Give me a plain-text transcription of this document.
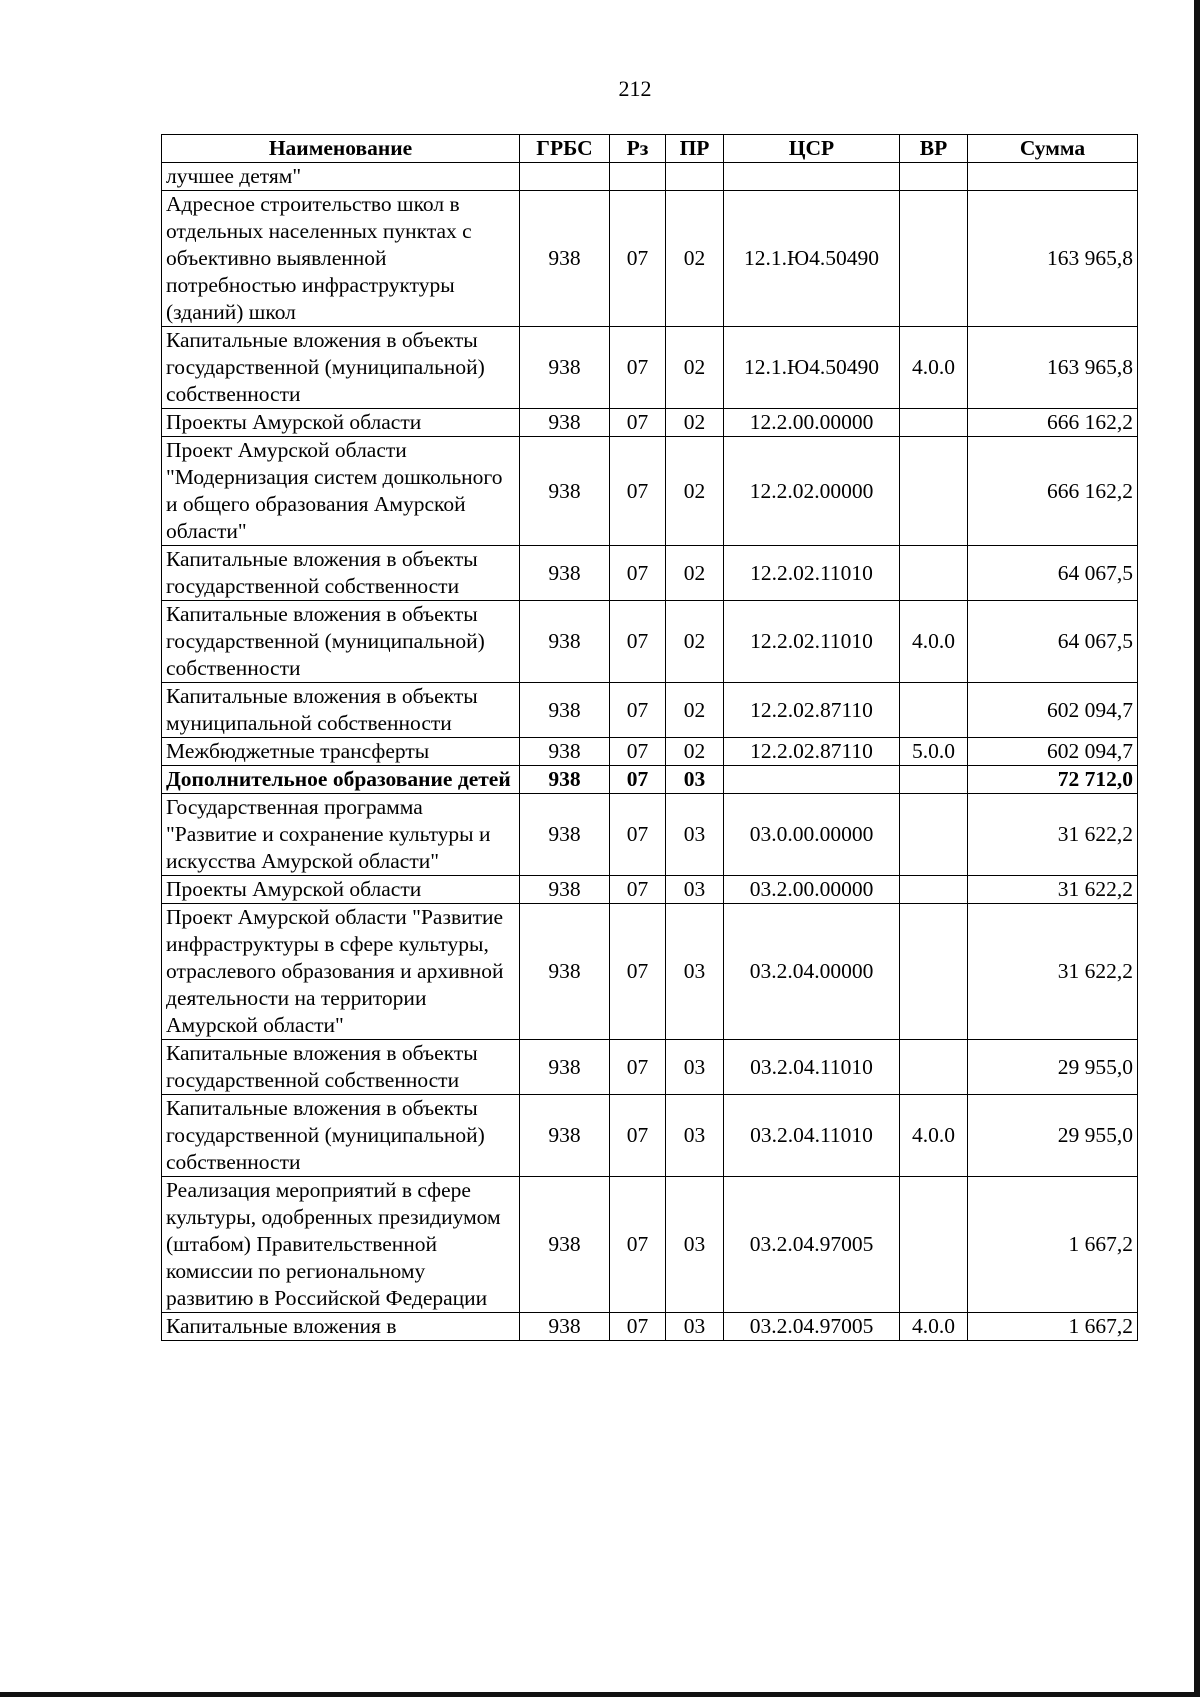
212
Наименование	ГРБС	Рз	ПР	ЦСР	ВР	Сумма
лучшее детям"						
Адресное строительство школ в отдельных населенных пунктах с объективно выявленной потребностью инфраструктуры (зданий) школ	938	07	02	12.1.Ю4.50490		163 965,8
Капитальные вложения в объекты государственной (муниципальной) собственности	938	07	02	12.1.Ю4.50490	4.0.0	163 965,8
Проекты Амурской области	938	07	02	12.2.00.00000		666 162,2
Проект Амурской области "Модернизация систем дошкольного и общего образования Амурской области"	938	07	02	12.2.02.00000		666 162,2
Капитальные вложения в объекты государственной собственности	938	07	02	12.2.02.11010		64 067,5
Капитальные вложения в объекты государственной (муниципальной) собственности	938	07	02	12.2.02.11010	4.0.0	64 067,5
Капитальные вложения в объекты муниципальной собственности	938	07	02	12.2.02.87110		602 094,7
Межбюджетные трансферты	938	07	02	12.2.02.87110	5.0.0	602 094,7
Дополнительное образование детей	938	07	03			72 712,0
Государственная программа "Развитие и сохранение культуры и искусства Амурской области"	938	07	03	03.0.00.00000		31 622,2
Проекты Амурской области	938	07	03	03.2.00.00000		31 622,2
Проект Амурской области "Развитие инфраструктуры в сфере культуры, отраслевого образования и архивной деятельности на территории Амурской области"	938	07	03	03.2.04.00000		31 622,2
Капитальные вложения в объекты государственной собственности	938	07	03	03.2.04.11010		29 955,0
Капитальные вложения в объекты государственной (муниципальной) собственности	938	07	03	03.2.04.11010	4.0.0	29 955,0
Реализация мероприятий в сфере культуры, одобренных президиумом (штабом) Правительственной комиссии по региональному развитию в Российской Федерации	938	07	03	03.2.04.97005		1 667,2
Капитальные вложения в	938	07	03	03.2.04.97005	4.0.0	1 667,2
